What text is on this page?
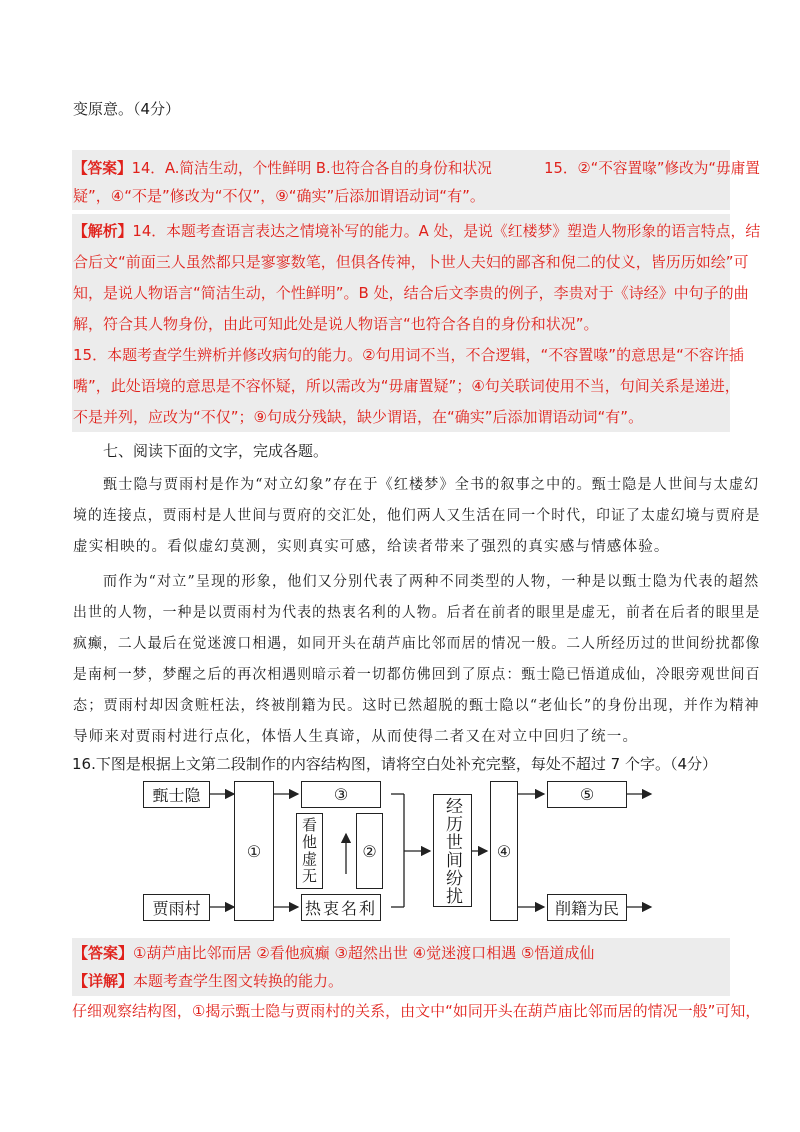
变原意。（4分）
【答案】14．A.简洁生动，个性鲜明 B.也符合各自的身份和状况	15．②“不容置喙”修改为“毋庸置
疑”，④“不是”修改为“不仅”，⑨“确实”后添加谓语动词“有”。
【解析】14．本题考查语言表达之情境补写的能力。A 处，是说《红楼梦》塑造人物形象的语言特点，结
合后文“前面三人虽然都只是寥寥数笔，但俱各传神，卜世人夫妇的鄙吝和倪二的仗义，皆历历如绘”可
知，是说人物语言“简洁生动，个性鲜明”。B 处，结合后文李贵的例子，李贵对于《诗经》中句子的曲
解，符合其人物身份，由此可知此处是说人物语言“也符合各自的身份和状况”。
15．本题考查学生辨析并修改病句的能力。②句用词不当，不合逻辑，“不容置喙”的意思是“不容许插
嘴”，此处语境的意思是不容怀疑，所以需改为“毋庸置疑”；④句关联词使用不当，句间关系是递进，
不是并列，应改为“不仅”；⑨句成分残缺，缺少谓语，在“确实”后添加谓语动词“有”。
七、阅读下面的文字，完成各题。
甄士隐与贾雨村是作为“对立幻象”存在于《红楼梦》全书的叙事之中的。甄士隐是人世间与太虚幻
境的连接点，贾雨村是人世间与贾府的交汇处，他们两人又生活在同一个时代，印证了太虚幻境与贾府是
虚实相映的。看似虚幻莫测，实则真实可感，给读者带来了强烈的真实感与情感体验。
而作为“对立”呈现的形象，他们又分别代表了两种不同类型的人物，一种是以甄士隐为代表的超然
出世的人物，一种是以贾雨村为代表的热衷名利的人物。后者在前者的眼里是虚无，前者在后者的眼里是
疯癫，二人最后在觉迷渡口相遇，如同开头在葫芦庙比邻而居的情况一般。二人所经历过的世间纷扰都像
是南柯一梦，梦醒之后的再次相遇则暗示着一切都仿佛回到了原点：甄士隐已悟道成仙，冷眼旁观世间百
态；贾雨村却因贪赃枉法，终被削籍为民。这时已然超脱的甄士隐以“老仙长”的身份出现，并作为精神
导师来对贾雨村进行点化，体悟人生真谛，从而使得二者又在对立中回归了统一。
16.下图是根据上文第二段制作的内容结构图，请将空白处补充完整，每处不超过 7 个字。（4分）
甄士隐
贾雨村
①
③
看他虚无	②
热衷名利
经历世间纷扰	④
⑤
削籍为民
【答案】①葫芦庙比邻而居 ②看他疯癫 ③超然出世 ④觉迷渡口相遇 ⑤悟道成仙
【详解】本题考查学生图文转换的能力。
仔细观察结构图，①揭示甄士隐与贾雨村的关系，由文中“如同开头在葫芦庙比邻而居的情况一般”可知，
